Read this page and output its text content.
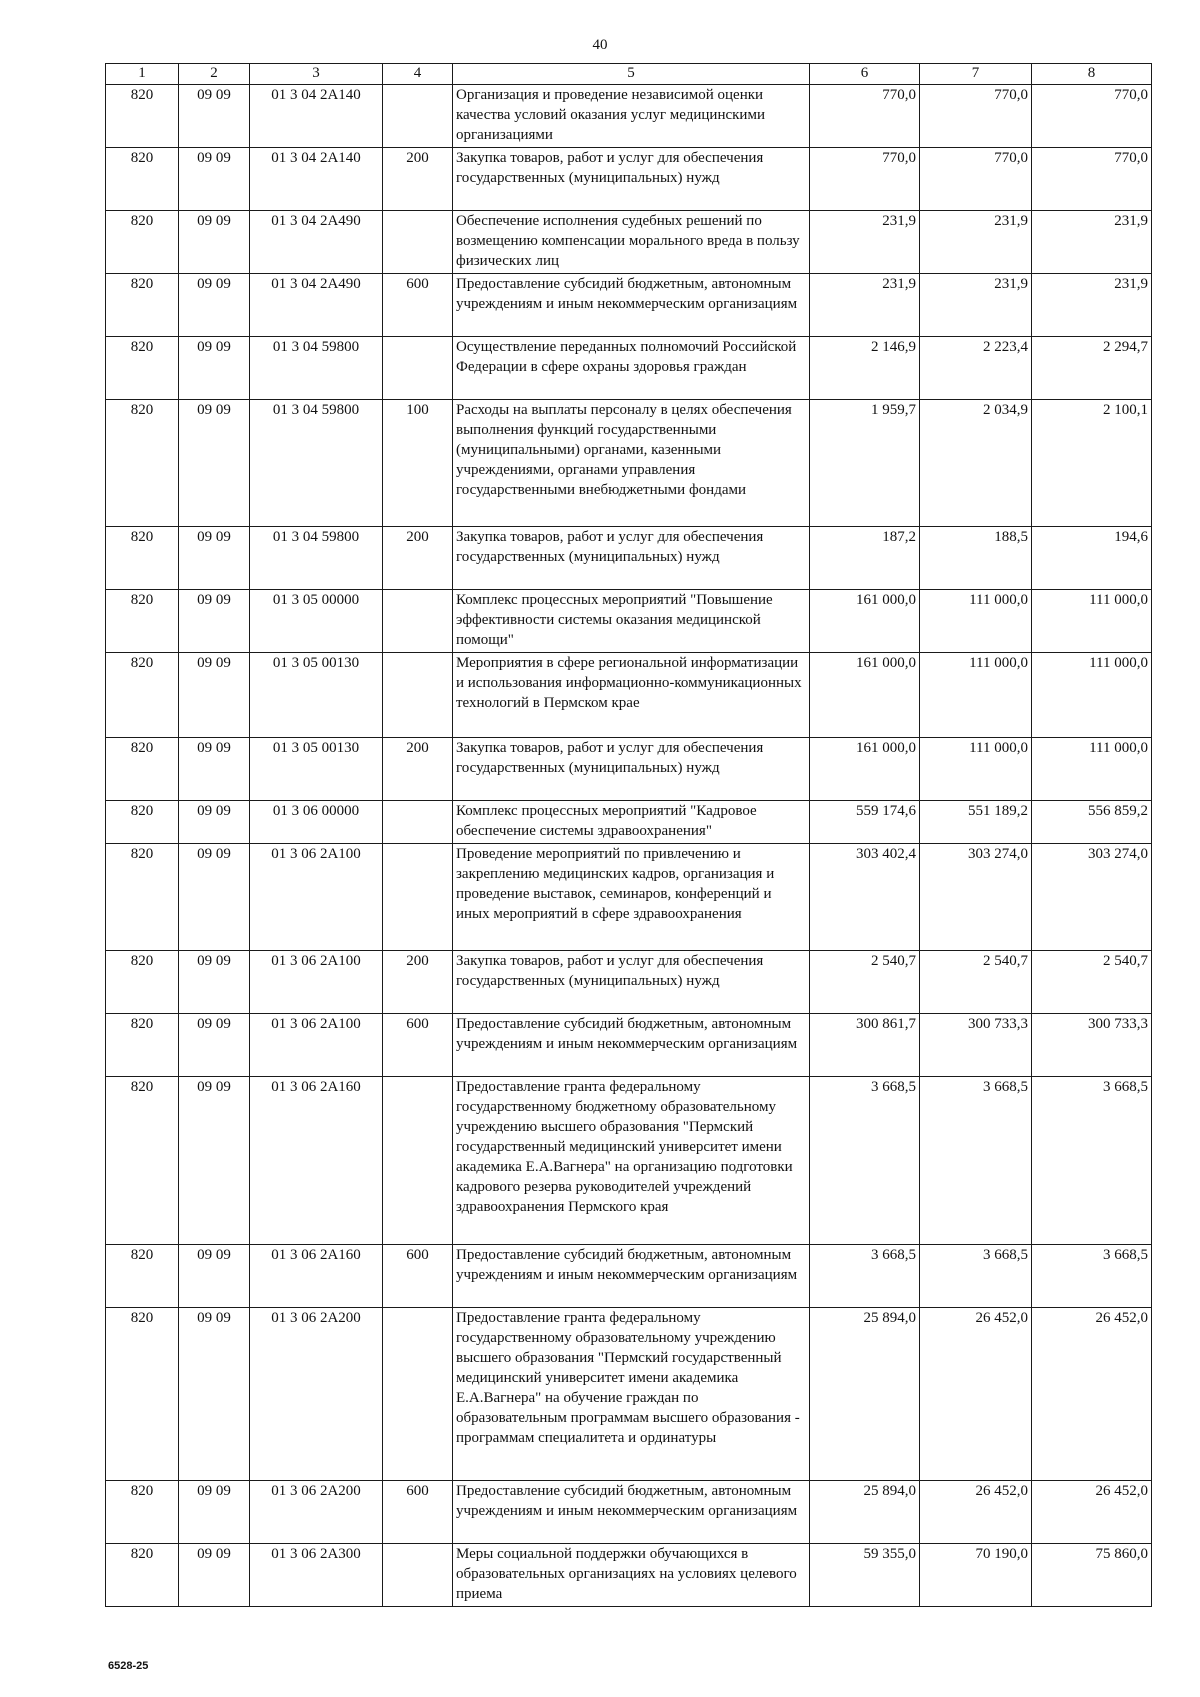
40
1	2	3	4	5	6	7	8
820	09 09	01 3 04 2А140		Организация и проведение независимой оценки качества условий оказания услуг медицинскими организациями	770,0	770,0	770,0
820	09 09	01 3 04 2А140	200	Закупка товаров, работ и услуг для обеспечения государственных (муниципальных) нужд	770,0	770,0	770,0
820	09 09	01 3 04 2А490		Обеспечение исполнения судебных решений по возмещению компенсации морального вреда в пользу физических лиц	231,9	231,9	231,9
820	09 09	01 3 04 2А490	600	Предоставление субсидий бюджетным, автономным учреждениям и иным некоммерческим организациям	231,9	231,9	231,9
820	09 09	01 3 04 59800		Осуществление переданных полномочий Российской Федерации в сфере охраны здоровья граждан	2 146,9	2 223,4	2 294,7
820	09 09	01 3 04 59800	100	Расходы на выплаты персоналу в целях обеспечения выполнения функций государственными (муниципальными) органами, казенными учреждениями, органами управления государственными внебюджетными фондами	1 959,7	2 034,9	2 100,1
820	09 09	01 3 04 59800	200	Закупка товаров, работ и услуг для обеспечения государственных (муниципальных) нужд	187,2	188,5	194,6
820	09 09	01 3 05 00000		Комплекс процессных мероприятий "Повышение эффективности системы оказания медицинской помощи"	161 000,0	111 000,0	111 000,0
820	09 09	01 3 05 00130		Мероприятия в сфере региональной информатизации и использования информационно-коммуникационных технологий в Пермском крае	161 000,0	111 000,0	111 000,0
820	09 09	01 3 05 00130	200	Закупка товаров, работ и услуг для обеспечения государственных (муниципальных) нужд	161 000,0	111 000,0	111 000,0
820	09 09	01 3 06 00000		Комплекс процессных мероприятий "Кадровое обеспечение системы здравоохранения"	559 174,6	551 189,2	556 859,2
820	09 09	01 3 06 2А100		Проведение мероприятий по привлечению и закреплению медицинских кадров, организация и проведение выставок, семинаров, конференций и иных мероприятий в сфере здравоохранения	303 402,4	303 274,0	303 274,0
820	09 09	01 3 06 2А100	200	Закупка товаров, работ и услуг для обеспечения государственных (муниципальных) нужд	2 540,7	2 540,7	2 540,7
820	09 09	01 3 06 2А100	600	Предоставление субсидий бюджетным, автономным учреждениям и иным некоммерческим организациям	300 861,7	300 733,3	300 733,3
820	09 09	01 3 06 2А160		Предоставление гранта федеральному государственному бюджетному образовательному учреждению высшего образования "Пермский государственный медицинский университет имени академика Е.А.Вагнера" на организацию подготовки кадрового резерва руководителей учреждений здравоохранения Пермского края	3 668,5	3 668,5	3 668,5
820	09 09	01 3 06 2А160	600	Предоставление субсидий бюджетным, автономным учреждениям и иным некоммерческим организациям	3 668,5	3 668,5	3 668,5
820	09 09	01 3 06 2А200		Предоставление гранта федеральному государственному образовательному учреждению высшего образования "Пермский государственный медицинский университет имени академика Е.А.Вагнера" на обучение граждан по образовательным программам высшего образования - программам специалитета и ординатуры	25 894,0	26 452,0	26 452,0
820	09 09	01 3 06 2А200	600	Предоставление субсидий бюджетным, автономным учреждениям и иным некоммерческим организациям	25 894,0	26 452,0	26 452,0
820	09 09	01 3 06 2А300		Меры социальной поддержки обучающихся в образовательных организациях на условиях целевого приема	59 355,0	70 190,0	75 860,0
6528-25
